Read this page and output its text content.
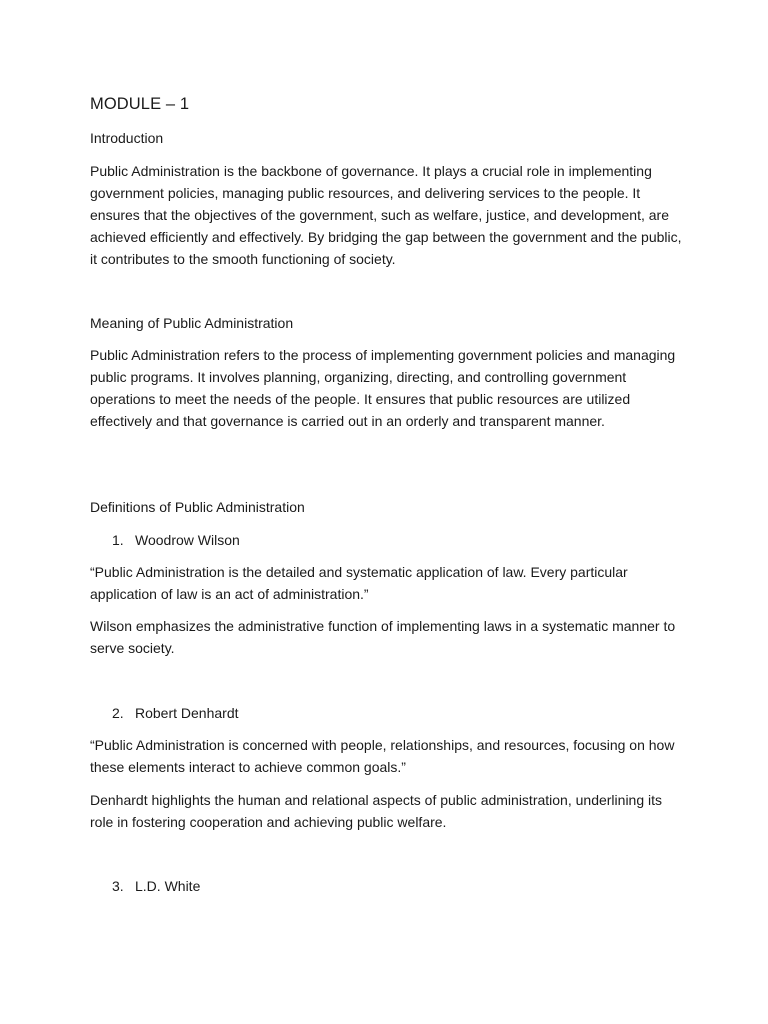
MODULE – 1
Introduction

Public Administration is the backbone of governance. It plays a crucial role in implementing government policies, managing public resources, and delivering services to the people. It ensures that the objectives of the government, such as welfare, justice, and development, are achieved efficiently and effectively. By bridging the gap between the government and the public, it contributes to the smooth functioning of society.

Meaning of Public Administration

Public Administration refers to the process of implementing government policies and managing public programs. It involves planning, organizing, directing, and controlling government operations to meet the needs of the people. It ensures that public resources are utilized effectively and that governance is carried out in an orderly and transparent manner.

Definitions of Public Administration
1. Woodrow Wilson

“Public Administration is the detailed and systematic application of law. Every particular application of law is an act of administration.”

Wilson emphasizes the administrative function of implementing laws in a systematic manner to serve society.

2. Robert Denhardt

“Public Administration is concerned with people, relationships, and resources, focusing on how these elements interact to achieve common goals.”

Denhardt highlights the human and relational aspects of public administration, underlining its role in fostering cooperation and achieving public welfare.

3. L.D. White
